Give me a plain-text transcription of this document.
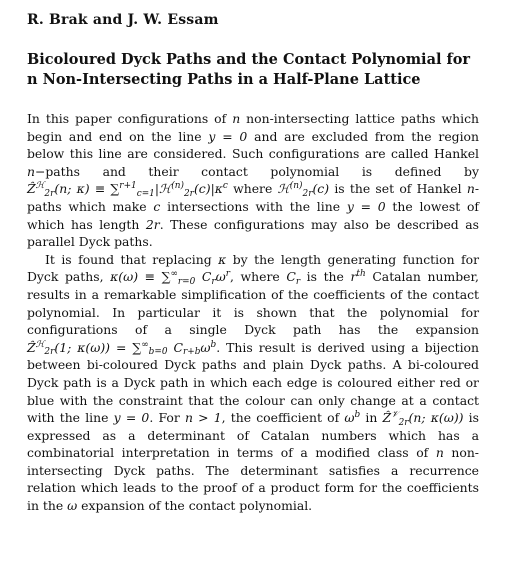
R. Brak and J. W. Essam
Bicoloured Dyck Paths and the Contact Polynomial for n Non-Intersecting Paths in a Half-Plane Lattice

In this paper configurations of n non-intersecting lattice paths which begin and end on the line y = 0 and are excluded from the region below this line are considered. Such configurations are called Hankel n−paths and their contact polynomial is defined by Ẑ$^ℋ_{2r}$(n; $\kappa) \equiv \sum^{r+1}_{c=1}|ℋ^{(n)}_{2r}(c)|\kappa^c$ where ℋ$^{(n)}_{2r}$(c) is the set of Hankel n-paths which make c intersections with the line y = 0 the lowest of which has length 2r. These configurations may also be described as parallel Dyck paths.

It is found that replacing κ by the length generating function for Dyck paths, $\kappa(\omega) \equiv \sum^\infty_{r=0}$ $C_r\omega^r$, where $C_r$ is the $r^{th}$ Catalan number, results in a remarkable simplification of the coefficients of the contact polynomial. In particular it is shown that the polynomial for configurations of a single Dyck path has the expansion Ẑ$^ℋ_{2r}$(1; $\kappa(\omega)) = \sum^\infty_{b=0}$ $C_{r+b}\omega^b$. This result is derived using a bijection between bi-coloured Dyck paths and plain Dyck paths. A bi-coloured Dyck path is a Dyck path in which each edge is coloured either red or blue with the constraint that the colour can only change at a contact with the line y = 0. For n > 1, the coefficient of $\omega^b$ in Ẑ$^𝒱_{2r}$(n; κ(ω)) is expressed as a determinant of Catalan numbers which has a combinatorial interpretation in terms of a modified class of n non-intersecting Dyck paths. The determinant satisfies a recurrence relation which leads to the proof of a product form for the coefficients in the ω expansion of the contact polynomial.
